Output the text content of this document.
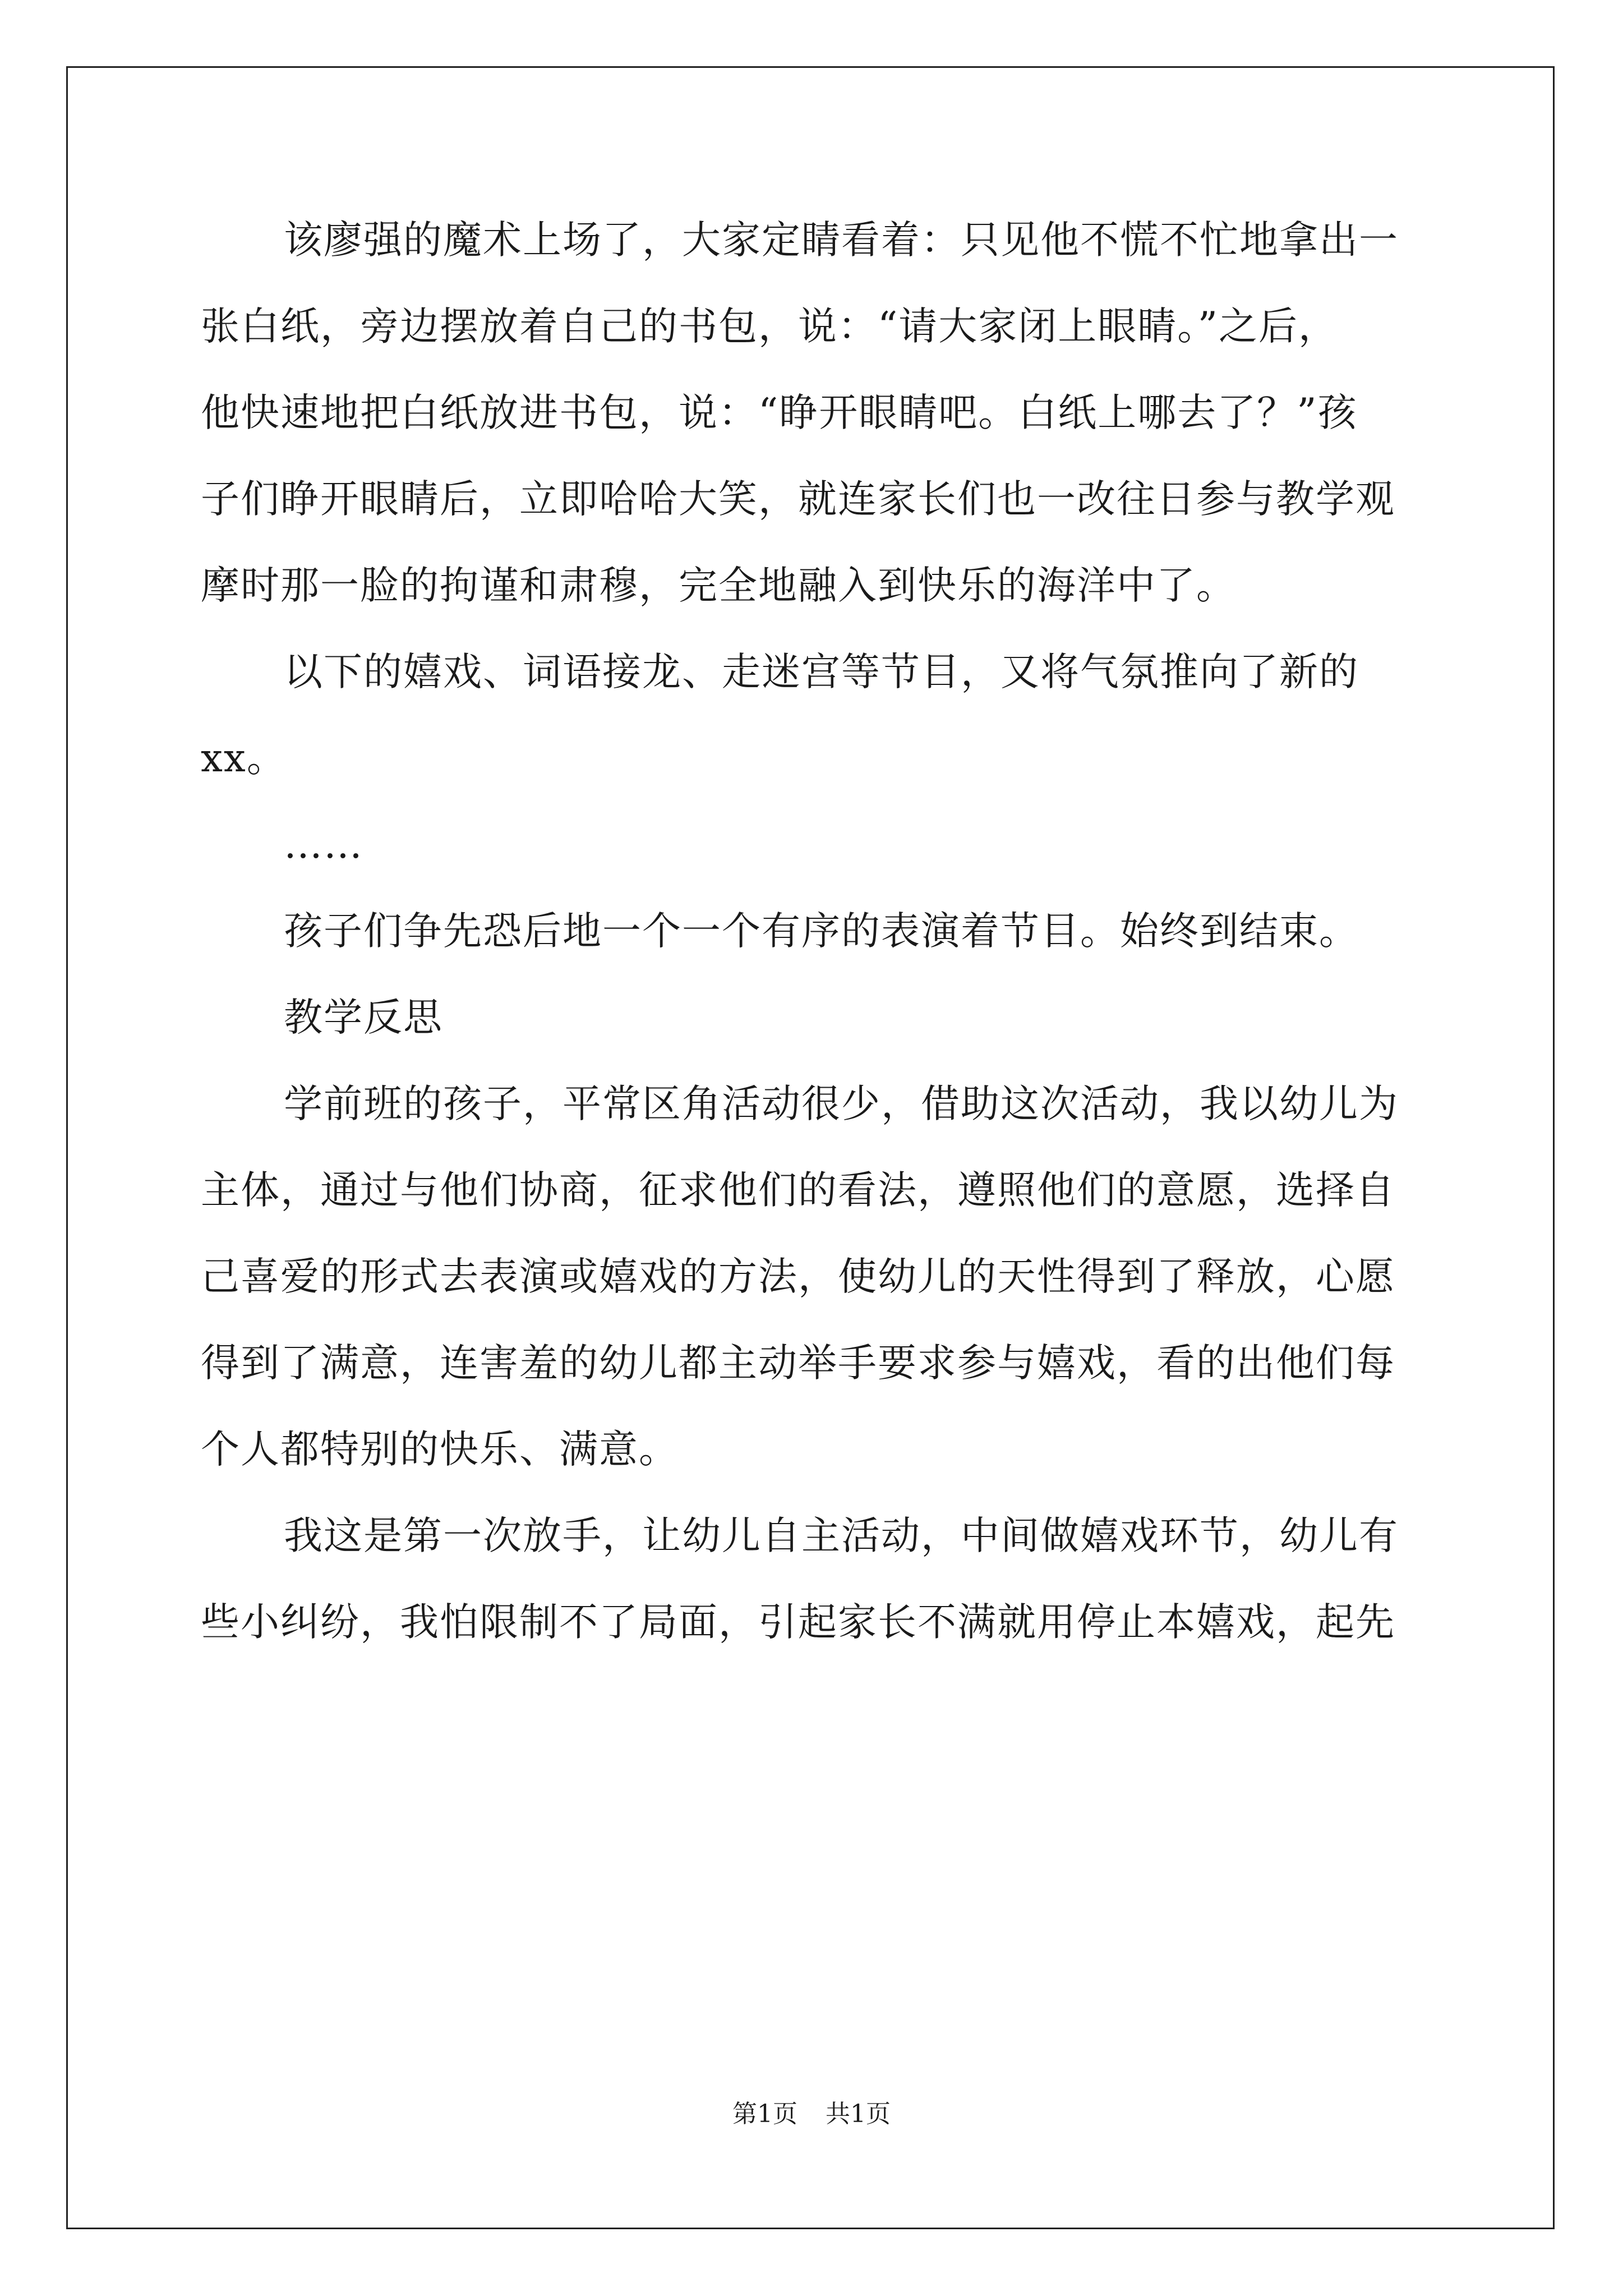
该廖强的魔术上场了，大家定睛看着：只见他不慌不忙地拿出一
张白纸，旁边摆放着自己的书包，说：“请大家闭上眼睛。”之后，
他快速地把白纸放进书包，说：“睁开眼睛吧。白纸上哪去了？”孩
子们睁开眼睛后，立即哈哈大笑，就连家长们也一改往日参与教学观
摩时那一脸的拘谨和肃穆，完全地融入到快乐的海洋中了。
以下的嬉戏、词语接龙、走迷宫等节目，又将气氛推向了新的
xx。
……
孩子们争先恐后地一个一个有序的表演着节目。始终到结束。
教学反思
学前班的孩子，平常区角活动很少，借助这次活动，我以幼儿为
主体，通过与他们协商，征求他们的看法，遵照他们的意愿，选择自
己喜爱的形式去表演或嬉戏的方法，使幼儿的天性得到了释放，心愿
得到了满意，连害羞的幼儿都主动举手要求参与嬉戏，看的出他们每
个人都特别的快乐、满意。
我这是第一次放手，让幼儿自主活动，中间做嬉戏环节，幼儿有
些小纠纷，我怕限制不了局面，引起家长不满就用停止本嬉戏，起先
第1页 共1页
